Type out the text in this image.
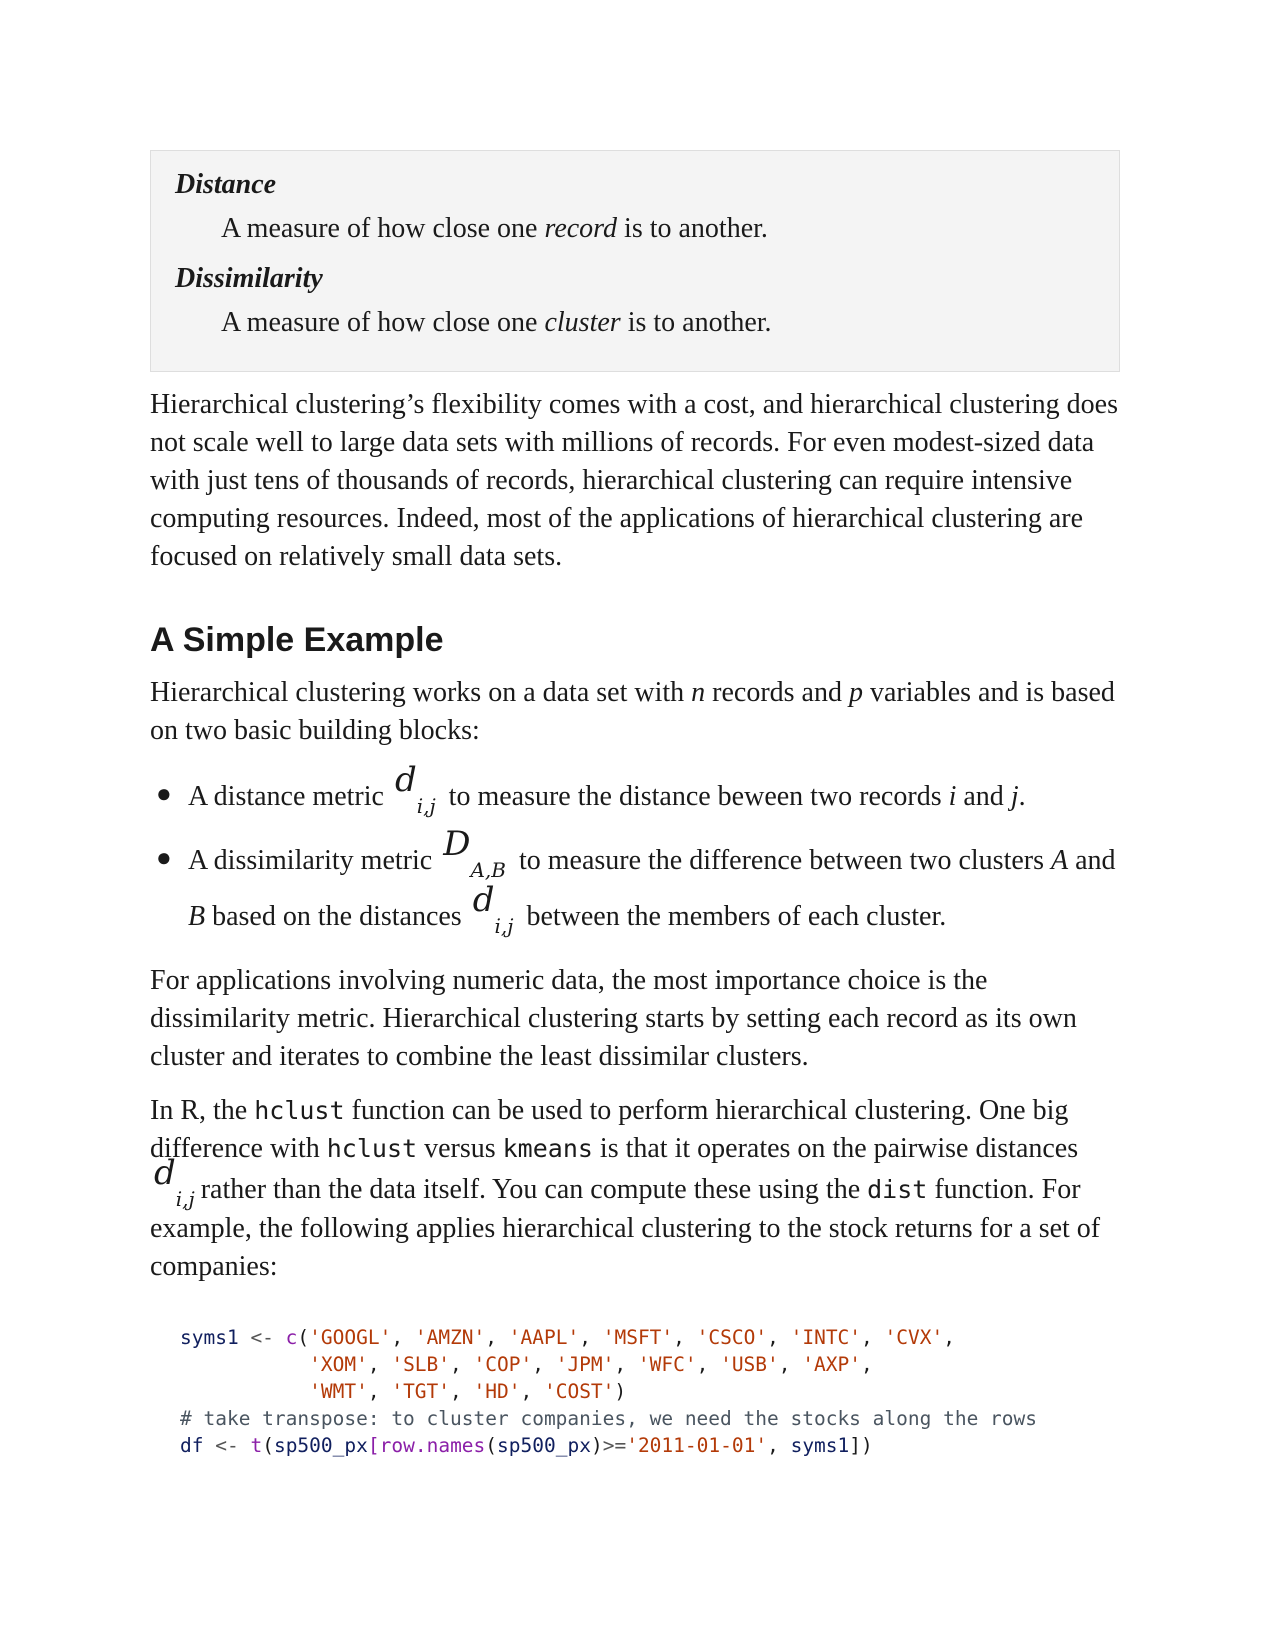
Distance
A measure of how close one record is to another.
Dissimilarity
A measure of how close one cluster is to another.

Hierarchical clustering’s flexibility comes with a cost, and hierarchical clustering does not scale well to large data sets with millions of records. For even modest-sized data with just tens of thousands of records, hierarchical clustering can require intensive computing resources. Indeed, most of the applications of hierarchical clustering are focused on relatively small data sets.

A Simple Example

Hierarchical clustering works on a data set with n records and p variables and is based on two basic building blocks:

● A distance metric $d_{i,j}$ to measure the distance beween two records i and j.
● A dissimilarity metric $D_{A,B}$ to measure the difference between two clusters A and B based on the distances $d_{i,j}$ between the members of each cluster.

For applications involving numeric data, the most importance choice is the dissimilarity metric. Hierarchical clustering starts by setting each record as its own cluster and iterates to combine the least dissimilar clusters.

In R, the hclust function can be used to perform hierarchical clustering. One big difference with hclust versus kmeans is that it operates on the pairwise distancesd$_{i,j}$ rather than the data itself. You can compute these using the dist function. For example, the following applies hierarchical clustering to the stock returns for a set of companies:

syms1 <- c('GOOGL', 'AMZN', 'AAPL', 'MSFT', 'CSCO', 'INTC', 'CVX',
'XOM', 'SLB', 'COP', 'JPM', 'WFC', 'USB', 'AXP',
'WMT', 'TGT', 'HD', 'COST')
# take transpose: to cluster companies, we need the stocks along the rows
df <- t(sp500_px[row.names(sp500_px)>='2011-01-01', syms1])
